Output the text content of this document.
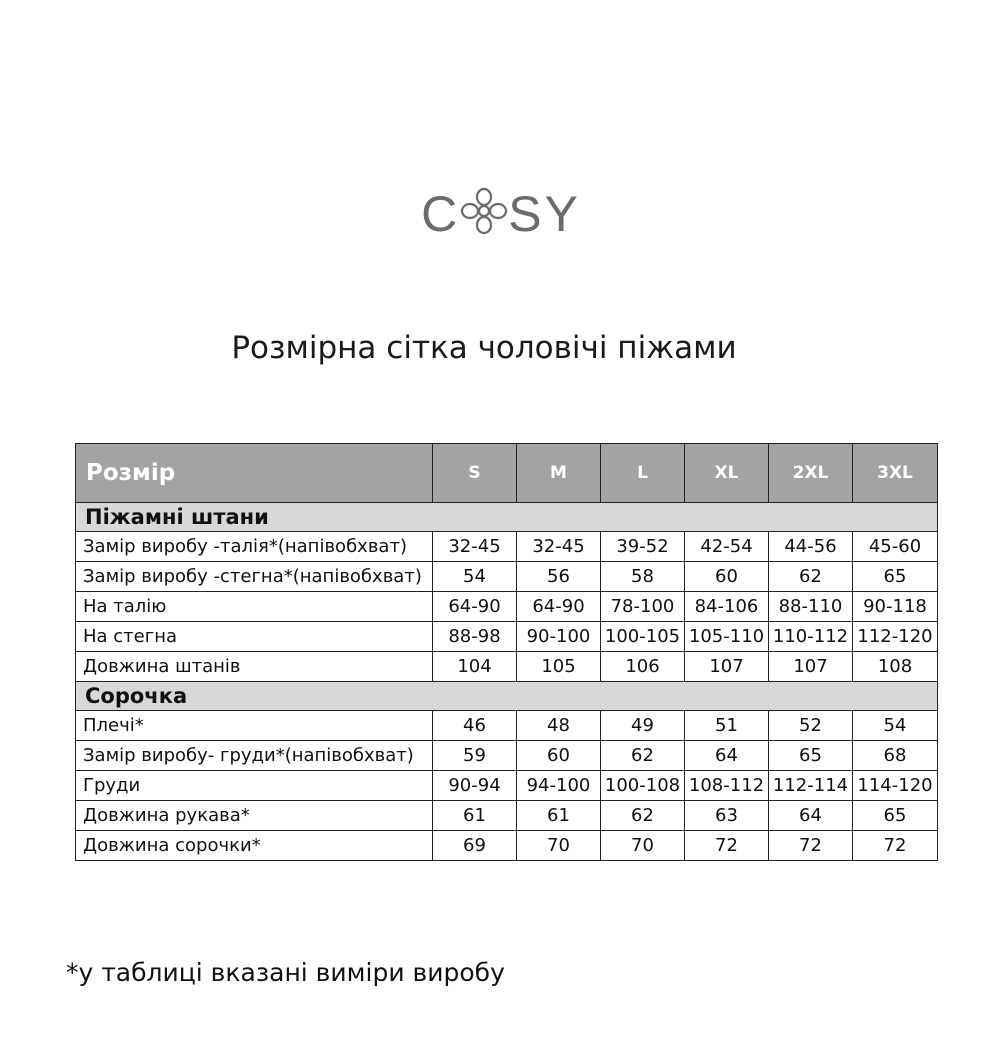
C SY
Розмірна сітка чоловічі піжами
Розмір	S	M	L	XL	2XL	3XL
Піжамні штани						
Замір виробу -талія*(напівобхват)	32-45	32-45	39-52	42-54	44-56	45-60
Замір виробу -стегна*(напівобхват)	54	56	58	60	62	65
На талію	64-90	64-90	78-100	84-106	88-110	90-118
На стегна	88-98	90-100	100-105	105-110	110-112	112-120
Довжина штанів	104	105	106	107	107	108
Сорочка						
Плечі*	46	48	49	51	52	54
Замір виробу- груди*(напівобхват)	59	60	62	64	65	68
Груди	90-94	94-100	100-108	108-112	112-114	114-120
Довжина рукава*	61	61	62	63	64	65
Довжина сорочки*	69	70	70	72	72	72
*у таблиці вказані виміри виробу
